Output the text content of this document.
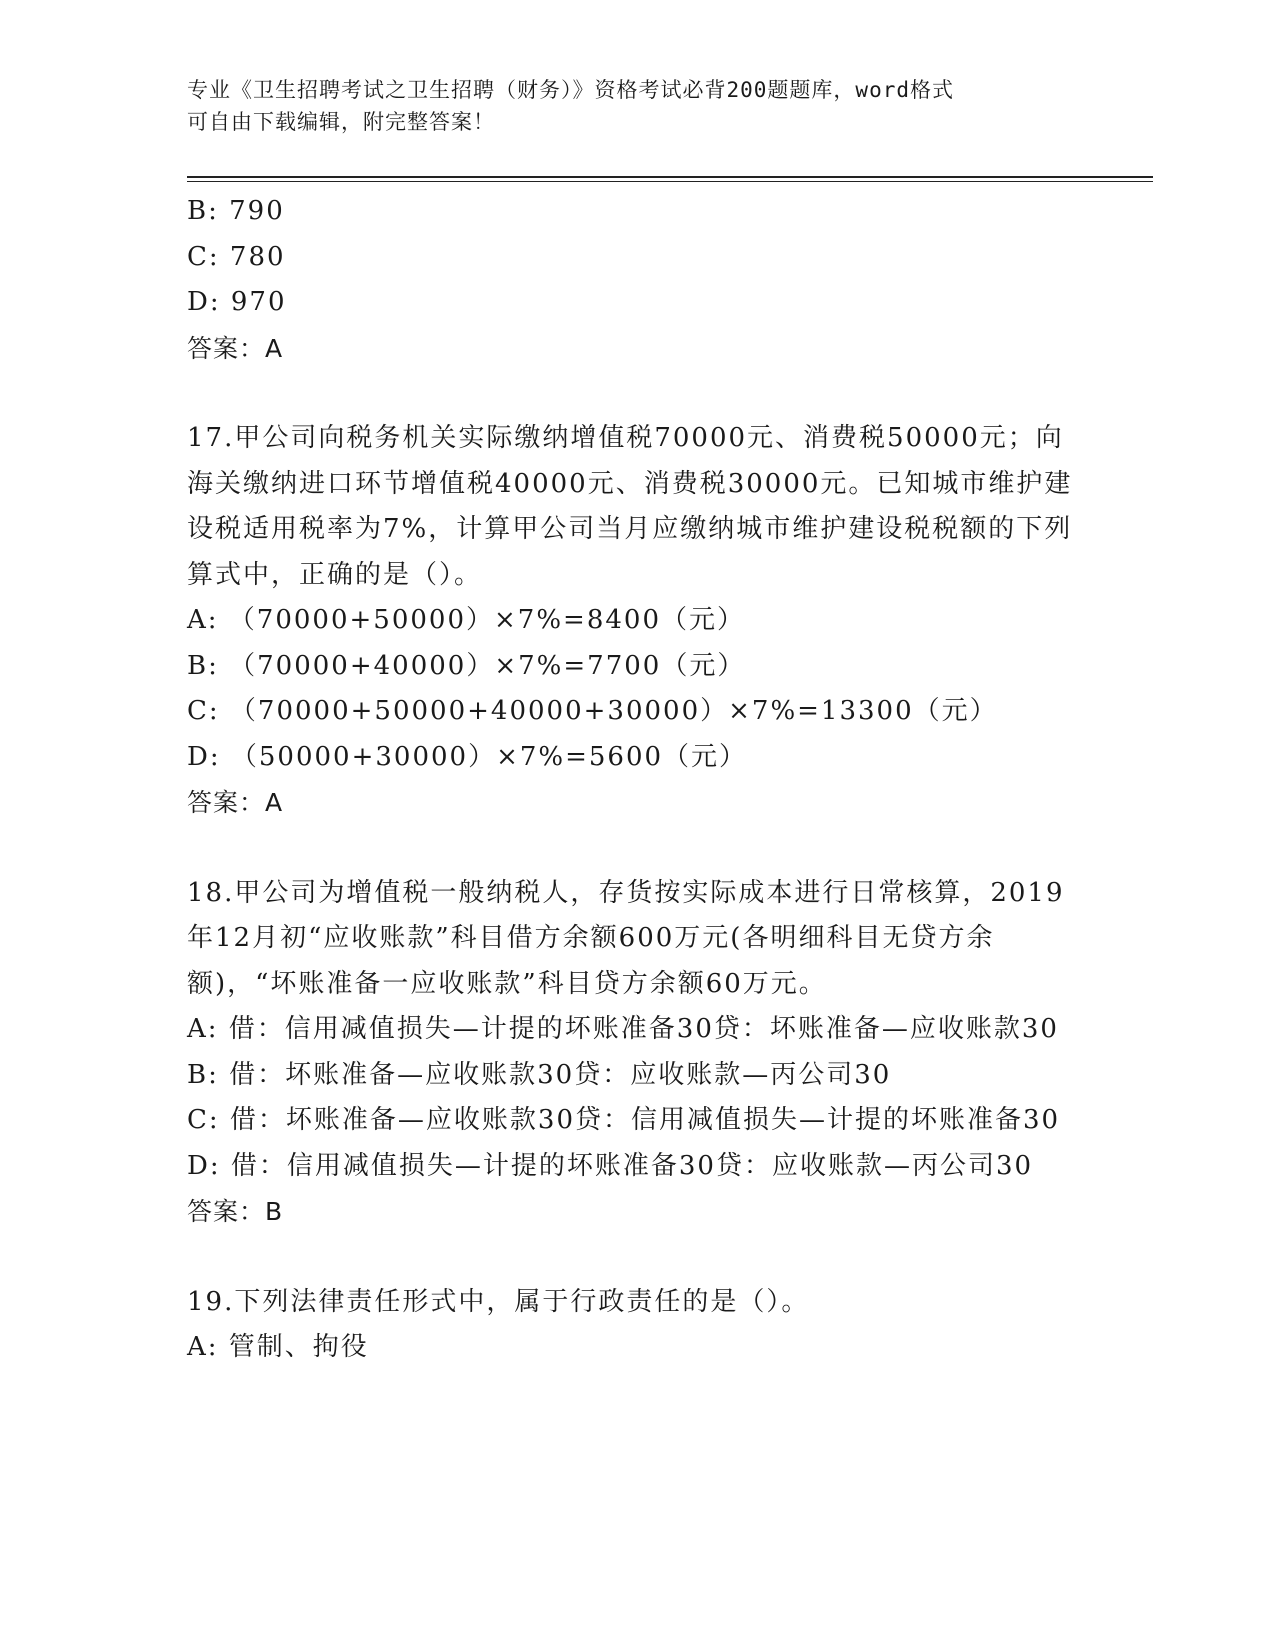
专业《卫生招聘考试之卫生招聘（财务）》资格考试必背200题题库，word格式
可自由下载编辑，附完整答案！
B: 790
C: 780
D: 970
答案：A
17.甲公司向税务机关实际缴纳增值税70000元、消费税50000元；向海关缴纳进口环节增值税40000元、消费税30000元。已知城市维护建设税适用税率为7%，计算甲公司当月应缴纳城市维护建设税税额的下列算式中，正确的是（）。
A: （70000+50000）×7%=8400（元）
B: （70000+40000）×7%=7700（元）
C: （70000+50000+40000+30000）×7%=13300（元）
D: （50000+30000）×7%=5600（元）
答案：A
18.甲公司为增值税一般纳税人，存货按实际成本进行日常核算，2019年12月初“应收账款”科目借方余额600万元(各明细科目无贷方余额)，“坏账准备一应收账款”科目贷方余额60万元。
A: 借：信用减值损失—计提的坏账准备30贷：坏账准备—应收账款30
B: 借：坏账准备—应收账款30贷：应收账款—丙公司30
C: 借：坏账准备—应收账款30贷：信用减值损失—计提的坏账准备30
D: 借：信用减值损失—计提的坏账准备30贷：应收账款—丙公司30
答案：B
19.下列法律责任形式中，属于行政责任的是（）。
A: 管制、拘役
